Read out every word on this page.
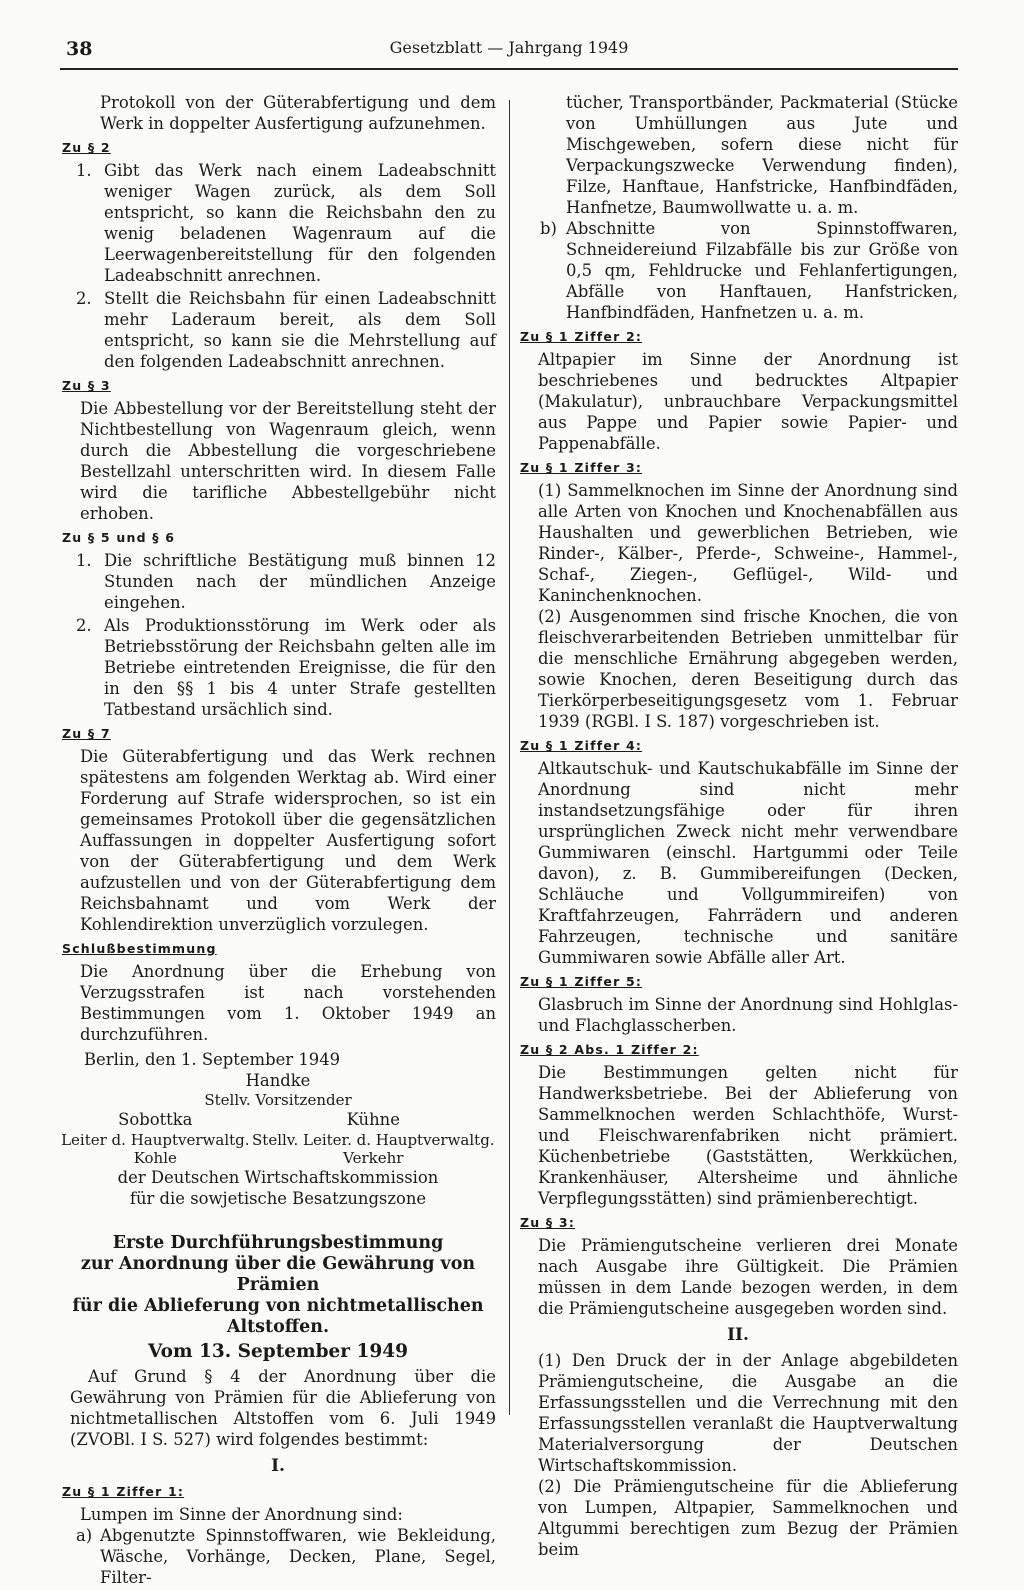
38	Gesetzblatt — Jahrgang 1949

Protokoll von der Güterabfertigung und dem Werk in doppelter Ausfertigung aufzunehmen.

Zu § 2
1. Gibt das Werk nach einem Ladeabschnitt weniger Wagen zurück, als dem Soll entspricht, so kann die Reichsbahn den zu wenig beladenen Wagenraum auf die Leerwagenbereitstellung für den folgenden Ladeabschnitt anrechnen.
2. Stellt die Reichsbahn für einen Ladeabschnitt mehr Laderaum bereit, als dem Soll entspricht, so kann sie die Mehrstellung auf den folgenden Ladeabschnitt anrechnen.
Zu § 3

Die Abbestellung vor der Bereitstellung steht der Nichtbestellung von Wagenraum gleich, wenn durch die Abbestellung die vorgeschriebene Bestellzahl unterschritten wird. In diesem Falle wird die tarifliche Abbestellgebühr nicht erhoben.

Zu § 5 und § 6
1. Die schriftliche Bestätigung muß binnen 12 Stunden nach der mündlichen Anzeige eingehen.
2. Als Produktionsstörung im Werk oder als Betriebsstörung der Reichsbahn gelten alle im Betriebe eintretenden Ereignisse, die für den in den §§ 1 bis 4 unter Strafe gestellten Tatbestand ursächlich sind.
Zu § 7

Die Güterabfertigung und das Werk rechnen spätestens am folgenden Werktag ab. Wird einer Forderung auf Strafe widersprochen, so ist ein gemeinsames Protokoll über die gegensätzlichen Auffassungen in doppelter Ausfertigung sofort von der Güterabfertigung und dem Werk aufzustellen und von der Güterabfertigung dem Reichsbahnamt und vom Werk der Kohlendirektion unverzüglich vorzulegen.

Schlußbestimmung

Die Anordnung über die Erhebung von Verzugsstrafen ist nach vorstehenden Bestimmungen vom 1. Oktober 1949 an durchzuführen.

Berlin, den 1. September 1949

Handke

Stellv. Vorsitzender

Sobottka	Kühne
Leiter d. Hauptverwaltg.	Stellv. Leiter. d. Hauptverwaltg.
Kohle	Verkehr

der Deutschen Wirtschaftskommission

für die sowjetische Besatzungszone

Erste Durchführungsbestimmung

zur Anordnung über die Gewährung von Prämien

für die Ablieferung von nichtmetallischen

Altstoffen.

Vom 13. September 1949

Auf Grund § 4 der Anordnung über die Gewährung von Prämien für die Ablieferung von nichtmetallischen Altstoffen vom 6. Juli 1949 (ZVOBl. I S. 527) wird folgendes bestimmt:

I.

Zu § 1 Ziffer 1:

Lumpen im Sinne der Anordnung sind:

a) Abgenutzte Spinnstoffwaren, wie Bekleidung, Wäsche, Vorhänge, Decken, Plane, Segel, Filter-

tücher, Transportbänder, Packmaterial (Stücke von Umhüllungen aus Jute und Mischgeweben, sofern diese nicht für Verpackungszwecke Verwendung finden), Filze, Hanftaue, Hanfstricke, Hanfbindfäden, Hanfnetze, Baumwollwatte u. a. m.

b) Abschnitte von Spinnstoffwaren, Schneidereiund Filzabfälle bis zur Größe von 0,5 qm, Fehldrucke und Fehlanfertigungen, Abfälle von Hanftauen, Hanfstricken, Hanfbindfäden, Hanfnetzen u. a. m.
Zu § 1 Ziffer 2:

Altpapier im Sinne der Anordnung ist beschriebenes und bedrucktes Altpapier (Makulatur), unbrauchbare Verpackungsmittel aus Pappe und Papier sowie Papier- und Pappenabfälle.

Zu § 1 Ziffer 3:

(1) Sammelknochen im Sinne der Anordnung sind alle Arten von Knochen und Knochenabfällen aus Haushalten und gewerblichen Betrieben, wie Rinder-, Kälber-, Pferde-, Schweine-, Hammel-, Schaf-, Ziegen-, Geflügel-, Wild- und Kaninchenknochen.

(2) Ausgenommen sind frische Knochen, die von fleischverarbeitenden Betrieben unmittelbar für die menschliche Ernährung abgegeben werden, sowie Knochen, deren Beseitigung durch das Tierkörperbeseitigungsgesetz vom 1. Februar 1939 (RGBl. I S. 187) vorgeschrieben ist.

Zu § 1 Ziffer 4:

Altkautschuk- und Kautschukabfälle im Sinne der Anordnung sind nicht mehr instandsetzungsfähige oder für ihren ursprünglichen Zweck nicht mehr verwendbare Gummiwaren (einschl. Hartgummi oder Teile davon), z. B. Gummibereifungen (Decken, Schläuche und Vollgummireifen) von Kraftfahrzeugen, Fahrrädern und anderen Fahrzeugen, technische und sanitäre Gummiwaren sowie Abfälle aller Art.

Zu § 1 Ziffer 5:

Glasbruch im Sinne der Anordnung sind Hohlglas- und Flachglasscherben.

Zu § 2 Abs. 1 Ziffer 2:

Die Bestimmungen gelten nicht für Handwerksbetriebe. Bei der Ablieferung von Sammelknochen werden Schlachthöfe, Wurst- und Fleischwarenfabriken nicht prämiert. Küchenbetriebe (Gaststätten, Werkküchen, Krankenhäuser, Altersheime und ähnliche Verpflegungsstätten) sind prämienberechtigt.

Zu § 3:

Die Prämiengutscheine verlieren drei Monate nach Ausgabe ihre Gültigkeit. Die Prämien müssen in dem Lande bezogen werden, in dem die Prämiengutscheine ausgegeben worden sind.

II.

(1) Den Druck der in der Anlage abgebildeten Prämiengutscheine, die Ausgabe an die Erfassungsstellen und die Verrechnung mit den Erfassungsstellen veranlaßt die Hauptverwaltung Materialversorgung der Deutschen Wirtschaftskommission.

(2) Die Prämiengutscheine für die Ablieferung von Lumpen, Altpapier, Sammelknochen und Altgummi berechtigen zum Bezug der Prämien beim
